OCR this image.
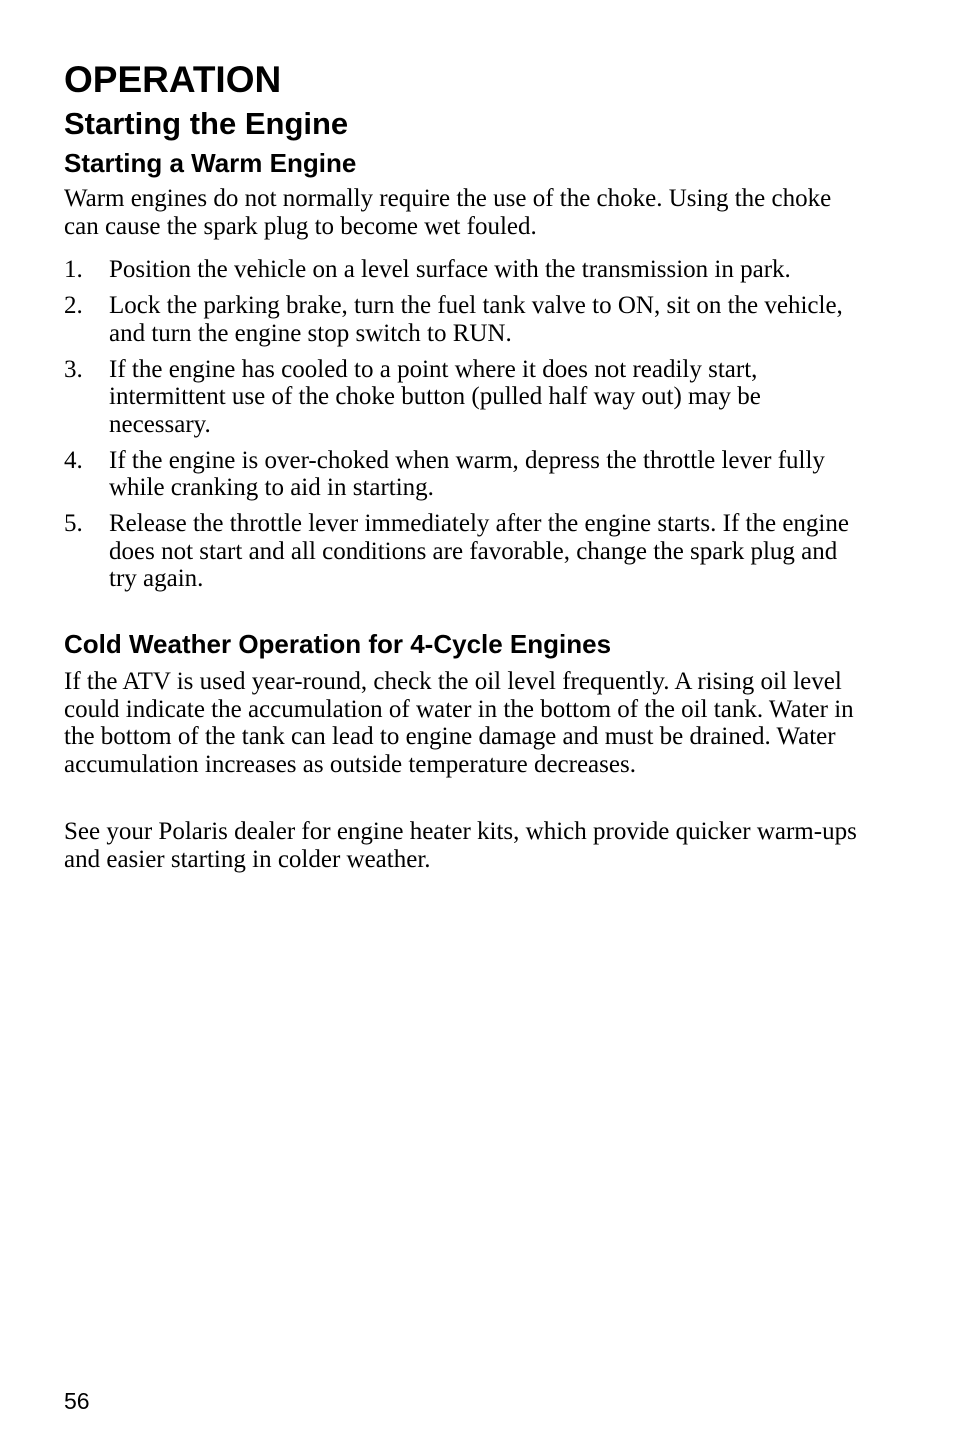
OPERATION
Starting the Engine
Starting a Warm Engine

Warm engines do not normally require the use of the choke. Using the choke can cause the spark plug to become wet fouled.

1.	Position the vehicle on a level surface with the transmission in park.
2.	Lock the parking brake, turn the fuel tank valve to ON, sit on the vehicle, and turn the engine stop switch to RUN.
3.	If the engine has cooled to a point where it does not readily start, intermittent use of the choke button (pulled half way out) may be necessary.
4.	If the engine is over-choked when warm, depress the throttle lever fully while cranking to aid in starting.
5.	Release the throttle lever immediately after the engine starts. If the engine does not start and all conditions are favorable, change the spark plug and try again.
Cold Weather Operation for 4-Cycle Engines

If the ATV is used year-round, check the oil level frequently. A rising oil level could indicate the accumulation of water in the bottom of the oil tank. Water in the bottom of the tank can lead to engine damage and must be drained. Water accumulation increases as outside temperature decreases.

See your Polaris dealer for engine heater kits, which provide quicker warm-ups and easier starting in colder weather.

56
